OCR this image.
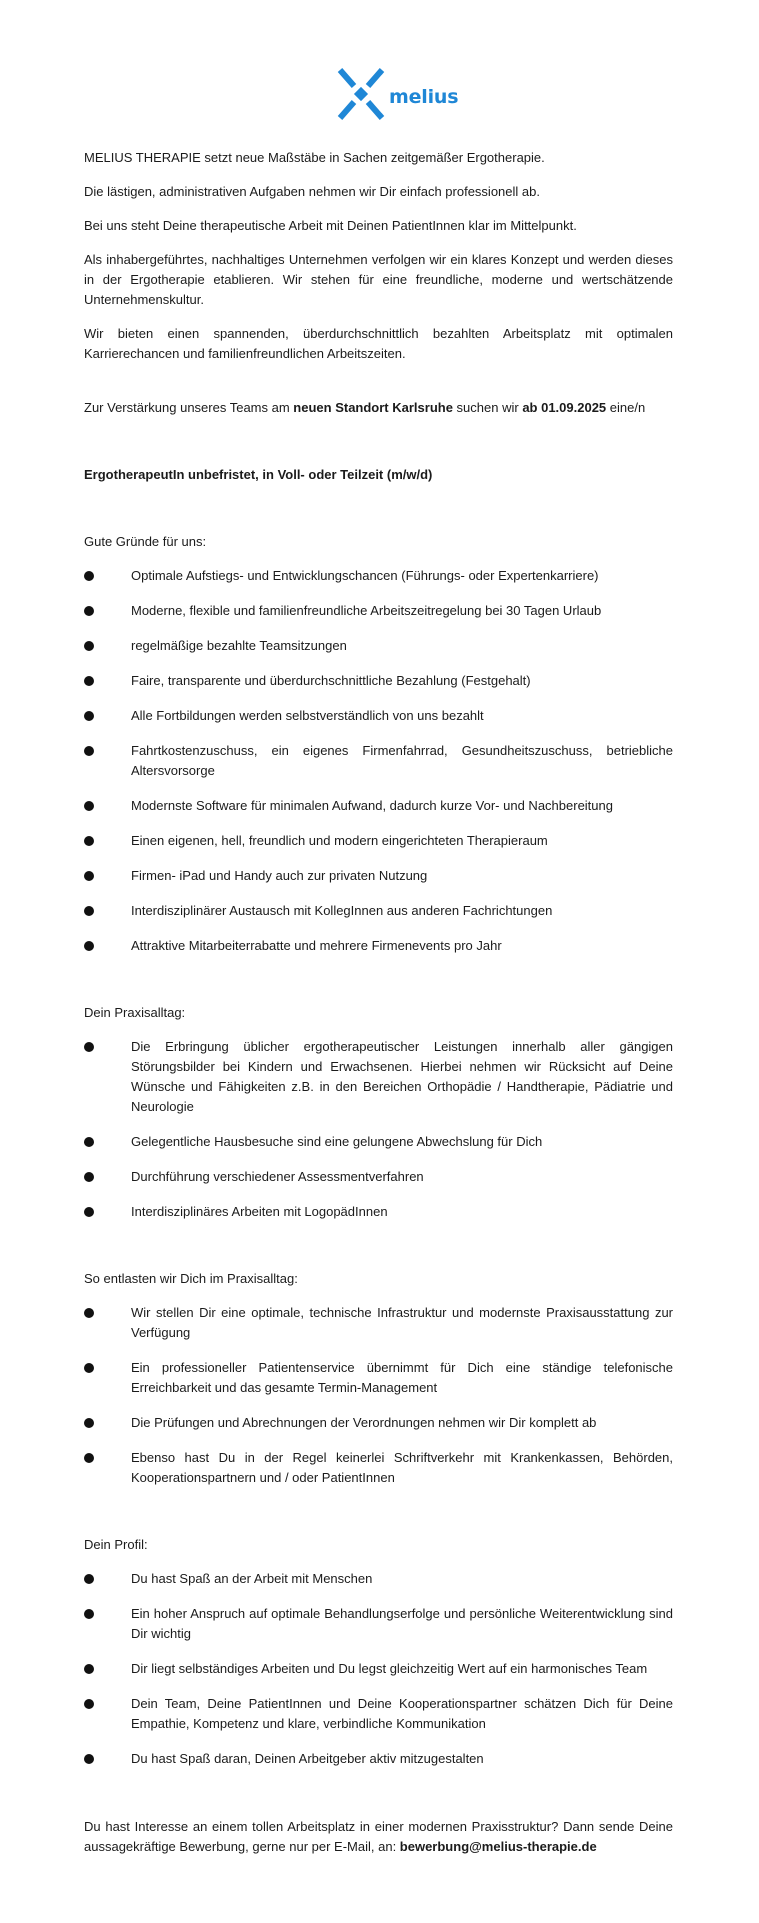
melius

MELIUS THERAPIE setzt neue Maßstäbe in Sachen zeitgemäßer Ergotherapie.

Die lästigen, administrativen Aufgaben nehmen wir Dir einfach professionell ab.

Bei uns steht Deine therapeutische Arbeit mit Deinen PatientInnen klar im Mittelpunkt.

Als inhabergeführtes, nachhaltiges Unternehmen verfolgen wir ein klares Konzept und werden dieses in der Ergotherapie etablieren. Wir stehen für eine freundliche, moderne und wertschätzende Unternehmenskultur.

Wir bieten einen spannenden, überdurchschnittlich bezahlten Arbeitsplatz mit optimalen Karrierechancen und familienfreundlichen Arbeitszeiten.

Zur Verstärkung unseres Teams am neuen Standort Karlsruhe suchen wir ab 01.09.2025 eine/n

ErgotherapeutIn unbefristet, in Voll- oder Teilzeit (m/w/d)

Gute Gründe für uns:

Optimale Aufstiegs- und Entwicklungschancen (Führungs- oder Expertenkarriere)
Moderne, flexible und familienfreundliche Arbeitszeitregelung bei 30 Tagen Urlaub
regelmäßige bezahlte Teamsitzungen
Faire, transparente und überdurchschnittliche Bezahlung (Festgehalt)
Alle Fortbildungen werden selbstverständlich von uns bezahlt
Fahrtkostenzuschuss, ein eigenes Firmenfahrrad, Gesundheitszuschuss, betriebliche Altersvorsorge
Modernste Software für minimalen Aufwand, dadurch kurze Vor- und Nachbereitung
Einen eigenen, hell, freundlich und modern eingerichteten Therapieraum
Firmen- iPad und Handy auch zur privaten Nutzung
Interdisziplinärer Austausch mit KollegInnen aus anderen Fachrichtungen
Attraktive Mitarbeiterrabatte und mehrere Firmenevents pro Jahr

Dein Praxisalltag:

Die Erbringung üblicher ergotherapeutischer Leistungen innerhalb aller gängigen Störungsbilder bei Kindern und Erwachsenen. Hierbei nehmen wir Rücksicht auf Deine Wünsche und Fähigkeiten z.B. in den Bereichen Orthopädie / Handtherapie, Pädiatrie und Neurologie
Gelegentliche Hausbesuche sind eine gelungene Abwechslung für Dich
Durchführung verschiedener Assessmentverfahren
Interdisziplinäres Arbeiten mit LogopädInnen

So entlasten wir Dich im Praxisalltag:

Wir stellen Dir eine optimale, technische Infrastruktur und modernste Praxisausstattung zur Verfügung
Ein professioneller Patientenservice übernimmt für Dich eine ständige telefonische Erreichbarkeit und das gesamte Termin-Management
Die Prüfungen und Abrechnungen der Verordnungen nehmen wir Dir komplett ab
Ebenso hast Du in der Regel keinerlei Schriftverkehr mit Krankenkassen, Behörden, Kooperationspartnern und / oder PatientInnen

Dein Profil:

Du hast Spaß an der Arbeit mit Menschen
Ein hoher Anspruch auf optimale Behandlungserfolge und persönliche Weiterentwicklung sind Dir wichtig
Dir liegt selbständiges Arbeiten und Du legst gleichzeitig Wert auf ein harmonisches Team
Dein Team, Deine PatientInnen und Deine Kooperationspartner schätzen Dich für Deine Empathie, Kompetenz und klare, verbindliche Kommunikation
Du hast Spaß daran, Deinen Arbeitgeber aktiv mitzugestalten

Du hast Interesse an einem tollen Arbeitsplatz in einer modernen Praxisstruktur? Dann sende Deine aussagekräftige Bewerbung, gerne nur per E-Mail, an: bewerbung@melius-therapie.de
